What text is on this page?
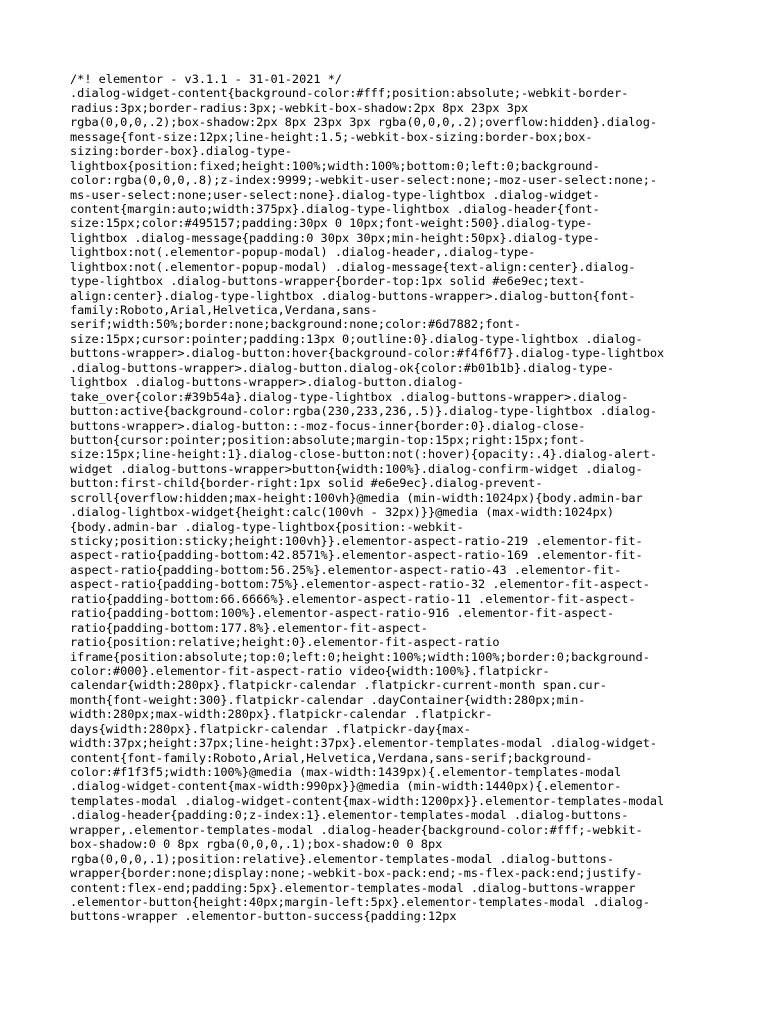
/*! elementor - v3.1.1 - 31-01-2021 */
.dialog-widget-content{background-color:#fff;position:absolute;-webkit-border-
radius:3px;border-radius:3px;-webkit-box-shadow:2px 8px 23px 3px
rgba(0,0,0,.2);box-shadow:2px 8px 23px 3px rgba(0,0,0,.2);overflow:hidden}.dialog-
message{font-size:12px;line-height:1.5;-webkit-box-sizing:border-box;box-
sizing:border-box}.dialog-type-
lightbox{position:fixed;height:100%;width:100%;bottom:0;left:0;background-
color:rgba(0,0,0,.8);z-index:9999;-webkit-user-select:none;-moz-user-select:none;-
ms-user-select:none;user-select:none}.dialog-type-lightbox .dialog-widget-
content{margin:auto;width:375px}.dialog-type-lightbox .dialog-header{font-
size:15px;color:#495157;padding:30px 0 10px;font-weight:500}.dialog-type-
lightbox .dialog-message{padding:0 30px 30px;min-height:50px}.dialog-type-
lightbox:not(.elementor-popup-modal) .dialog-header,.dialog-type-
lightbox:not(.elementor-popup-modal) .dialog-message{text-align:center}.dialog-
type-lightbox .dialog-buttons-wrapper{border-top:1px solid #e6e9ec;text-
align:center}.dialog-type-lightbox .dialog-buttons-wrapper>.dialog-button{font-
family:Roboto,Arial,Helvetica,Verdana,sans-
serif;width:50%;border:none;background:none;color:#6d7882;font-
size:15px;cursor:pointer;padding:13px 0;outline:0}.dialog-type-lightbox .dialog-
buttons-wrapper>.dialog-button:hover{background-color:#f4f6f7}.dialog-type-lightbox
.dialog-buttons-wrapper>.dialog-button.dialog-ok{color:#b01b1b}.dialog-type-
lightbox .dialog-buttons-wrapper>.dialog-button.dialog-
take_over{color:#39b54a}.dialog-type-lightbox .dialog-buttons-wrapper>.dialog-
button:active{background-color:rgba(230,233,236,.5)}.dialog-type-lightbox .dialog-
buttons-wrapper>.dialog-button::-moz-focus-inner{border:0}.dialog-close-
button{cursor:pointer;position:absolute;margin-top:15px;right:15px;font-
size:15px;line-height:1}.dialog-close-button:not(:hover){opacity:.4}.dialog-alert-
widget .dialog-buttons-wrapper>button{width:100%}.dialog-confirm-widget .dialog-
button:first-child{border-right:1px solid #e6e9ec}.dialog-prevent-
scroll{overflow:hidden;max-height:100vh}@media (min-width:1024px){body.admin-bar
.dialog-lightbox-widget{height:calc(100vh - 32px)}}@media (max-width:1024px)
{body.admin-bar .dialog-type-lightbox{position:-webkit-
sticky;position:sticky;height:100vh}}.elementor-aspect-ratio-219 .elementor-fit-
aspect-ratio{padding-bottom:42.8571%}.elementor-aspect-ratio-169 .elementor-fit-
aspect-ratio{padding-bottom:56.25%}.elementor-aspect-ratio-43 .elementor-fit-
aspect-ratio{padding-bottom:75%}.elementor-aspect-ratio-32 .elementor-fit-aspect-
ratio{padding-bottom:66.6666%}.elementor-aspect-ratio-11 .elementor-fit-aspect-
ratio{padding-bottom:100%}.elementor-aspect-ratio-916 .elementor-fit-aspect-
ratio{padding-bottom:177.8%}.elementor-fit-aspect-
ratio{position:relative;height:0}.elementor-fit-aspect-ratio
iframe{position:absolute;top:0;left:0;height:100%;width:100%;border:0;background-
color:#000}.elementor-fit-aspect-ratio video{width:100%}.flatpickr-
calendar{width:280px}.flatpickr-calendar .flatpickr-current-month span.cur-
month{font-weight:300}.flatpickr-calendar .dayContainer{width:280px;min-
width:280px;max-width:280px}.flatpickr-calendar .flatpickr-
days{width:280px}.flatpickr-calendar .flatpickr-day{max-
width:37px;height:37px;line-height:37px}.elementor-templates-modal .dialog-widget-
content{font-family:Roboto,Arial,Helvetica,Verdana,sans-serif;background-
color:#f1f3f5;width:100%}@media (max-width:1439px){.elementor-templates-modal
.dialog-widget-content{max-width:990px}}@media (min-width:1440px){.elementor-
templates-modal .dialog-widget-content{max-width:1200px}}.elementor-templates-modal
.dialog-header{padding:0;z-index:1}.elementor-templates-modal .dialog-buttons-
wrapper,.elementor-templates-modal .dialog-header{background-color:#fff;-webkit-
box-shadow:0 0 8px rgba(0,0,0,.1);box-shadow:0 0 8px
rgba(0,0,0,.1);position:relative}.elementor-templates-modal .dialog-buttons-
wrapper{border:none;display:none;-webkit-box-pack:end;-ms-flex-pack:end;justify-
content:flex-end;padding:5px}.elementor-templates-modal .dialog-buttons-wrapper
.elementor-button{height:40px;margin-left:5px}.elementor-templates-modal .dialog-
buttons-wrapper .elementor-button-success{padding:12px
